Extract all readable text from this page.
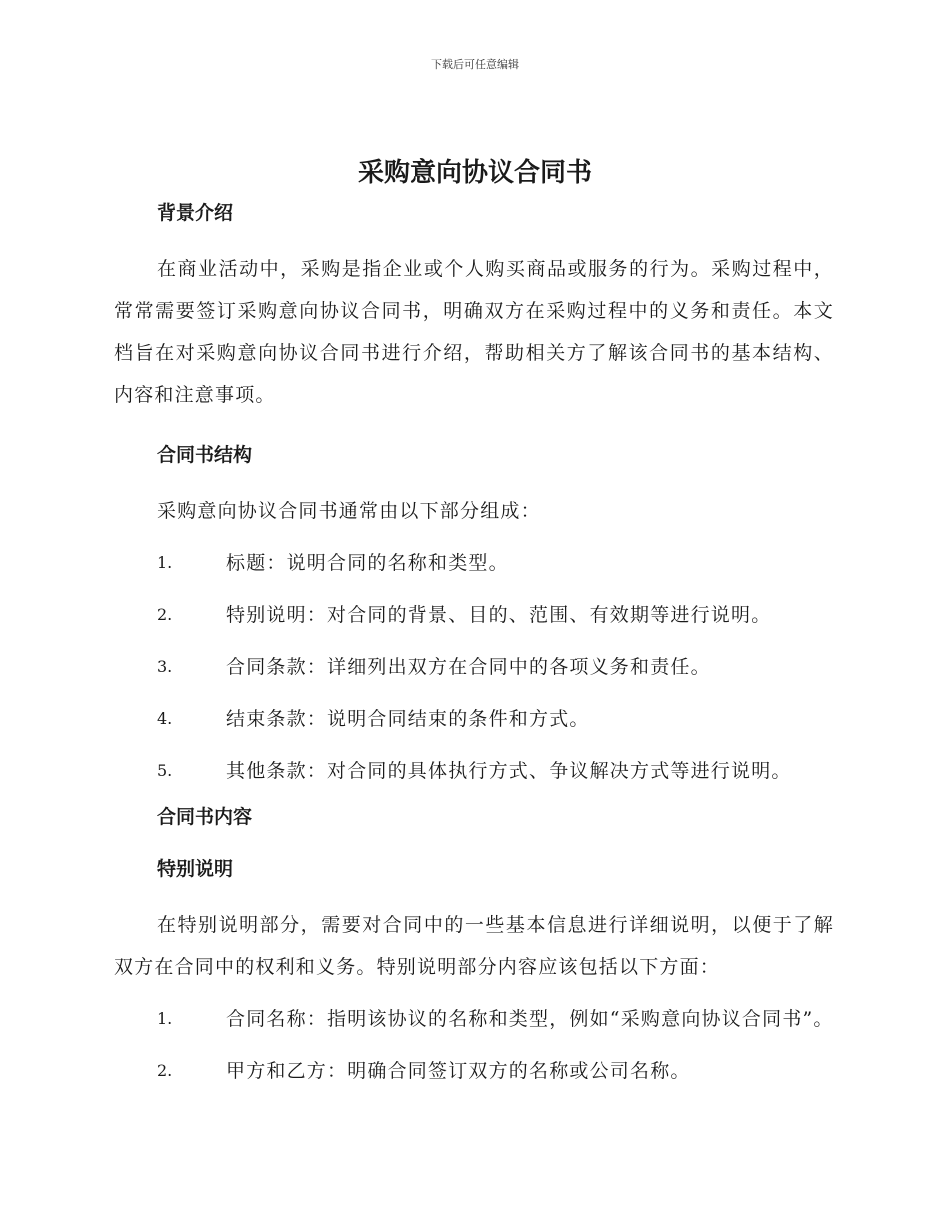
下载后可任意编辑
采购意向协议合同书
背景介绍

在商业活动中，采购是指企业或个人购买商品或服务的行为。采购过程中，常常需要签订采购意向协议合同书，明确双方在采购过程中的义务和责任。本文档旨在对采购意向协议合同书进行介绍，帮助相关方了解该合同书的基本结构、内容和注意事项。

合同书结构

采购意向协议合同书通常由以下部分组成：

1.	标题：说明合同的名称和类型。
2.	特别说明：对合同的背景、目的、范围、有效期等进行说明。
3.	合同条款：详细列出双方在合同中的各项义务和责任。
4.	结束条款：说明合同结束的条件和方式。
5.	其他条款：对合同的具体执行方式、争议解决方式等进行说明。
合同书内容
特别说明

在特别说明部分，需要对合同中的一些基本信息进行详细说明，以便于了解双方在合同中的权利和义务。特别说明部分内容应该包括以下方面：

1.	合同名称：指明该协议的名称和类型，例如“采购意向协议合同书”。
2.	甲方和乙方：明确合同签订双方的名称或公司名称。
